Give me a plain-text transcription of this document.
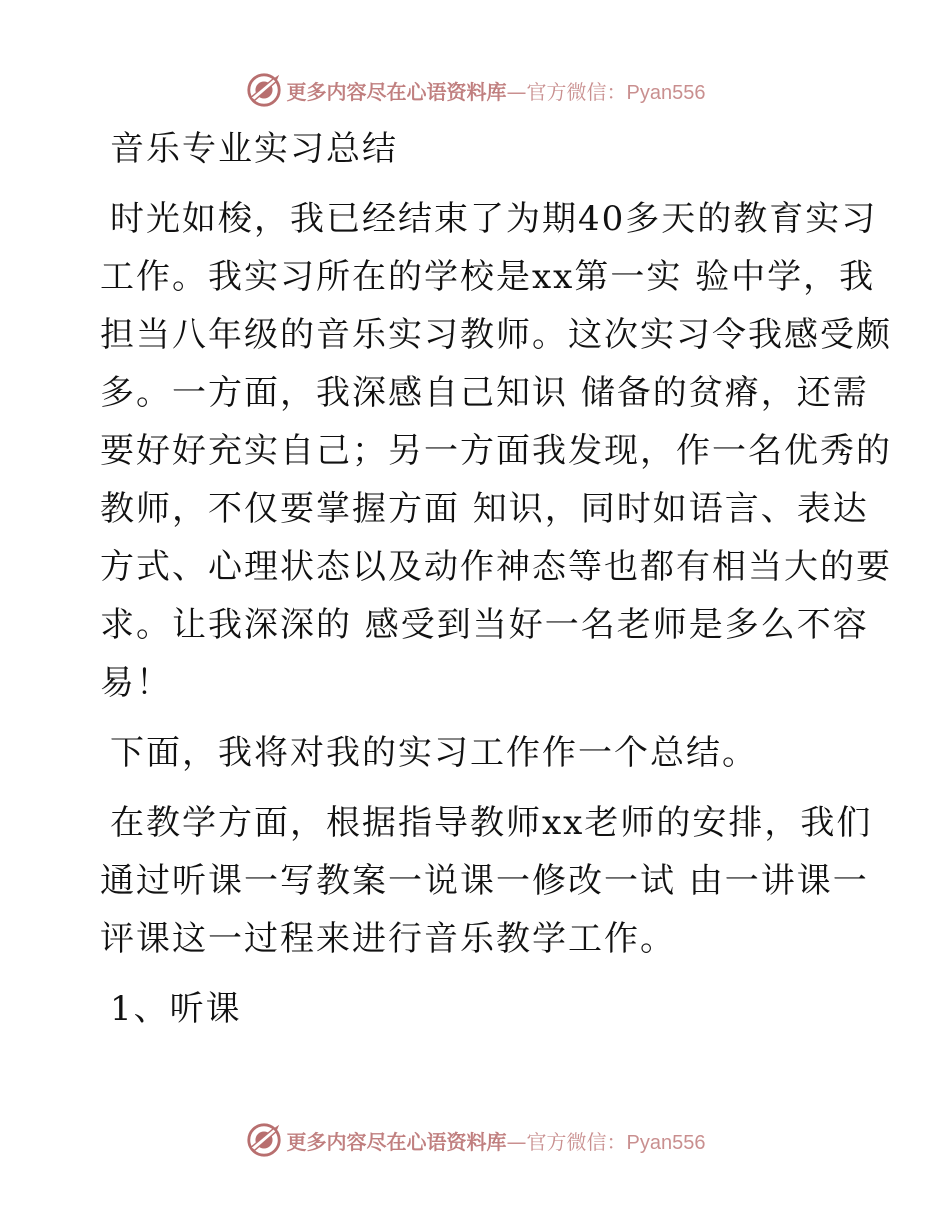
更多内容尽在心语资料库—官方微信：Pyan556
音乐专业实习总结
时光如梭，我已经结束了为期40多天的教育实习
工作。我实习所在的学校是xx第一实 验中学，我
担当八年级的音乐实习教师。这次实习令我感受颇
多。一方面，我深感自己知识 储备的贫瘠，还需
要好好充实自己；另一方面我发现，作一名优秀的
教师，不仅要掌握方面 知识，同时如语言、表达
方式、心理状态以及动作神态等也都有相当大的要
求。让我深深的 感受到当好一名老师是多么不容
易！
下面，我将对我的实习工作作一个总结。
在教学方面，根据指导教师xx老师的安排，我们
通过听课一写教案一说课一修改一试 由一讲课一
评课这一过程来进行音乐教学工作。
1、听课
更多内容尽在心语资料库—官方微信：Pyan556
